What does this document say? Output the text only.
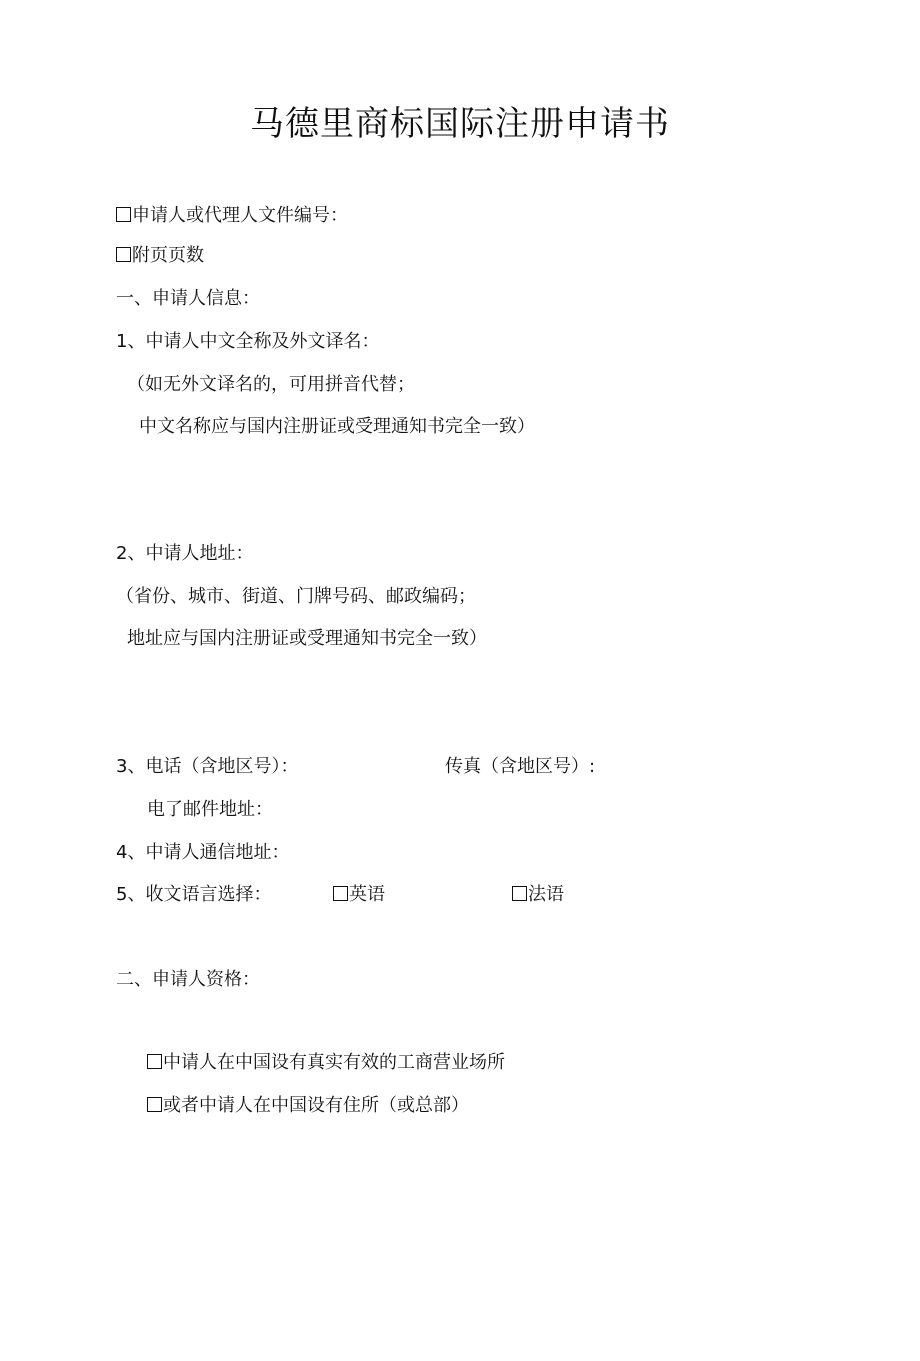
马德里商标国际注册申请书
申请人或代理人文件编号：
附页页数
一、申请人信息：
1、中请人中文全称及外文译名：
（如无外文译名的，可用拼音代替；
中文名称应与国内注册证或受理通知书完全一致）
2、中请人地址：
（省份、城市、街道、门牌号码、邮政编码；
地址应与国内注册证或受理通知书完全一致）
3、电话（含地区号）：	传真（含地区号）:
电了邮件地址：
4、中请人通信地址：
5、收文语言选择：	英语	法语
二、申请人资格：
中请人在中国设有真实有效的工商营业场所
或者中请人在中国设有住所（或总部）
